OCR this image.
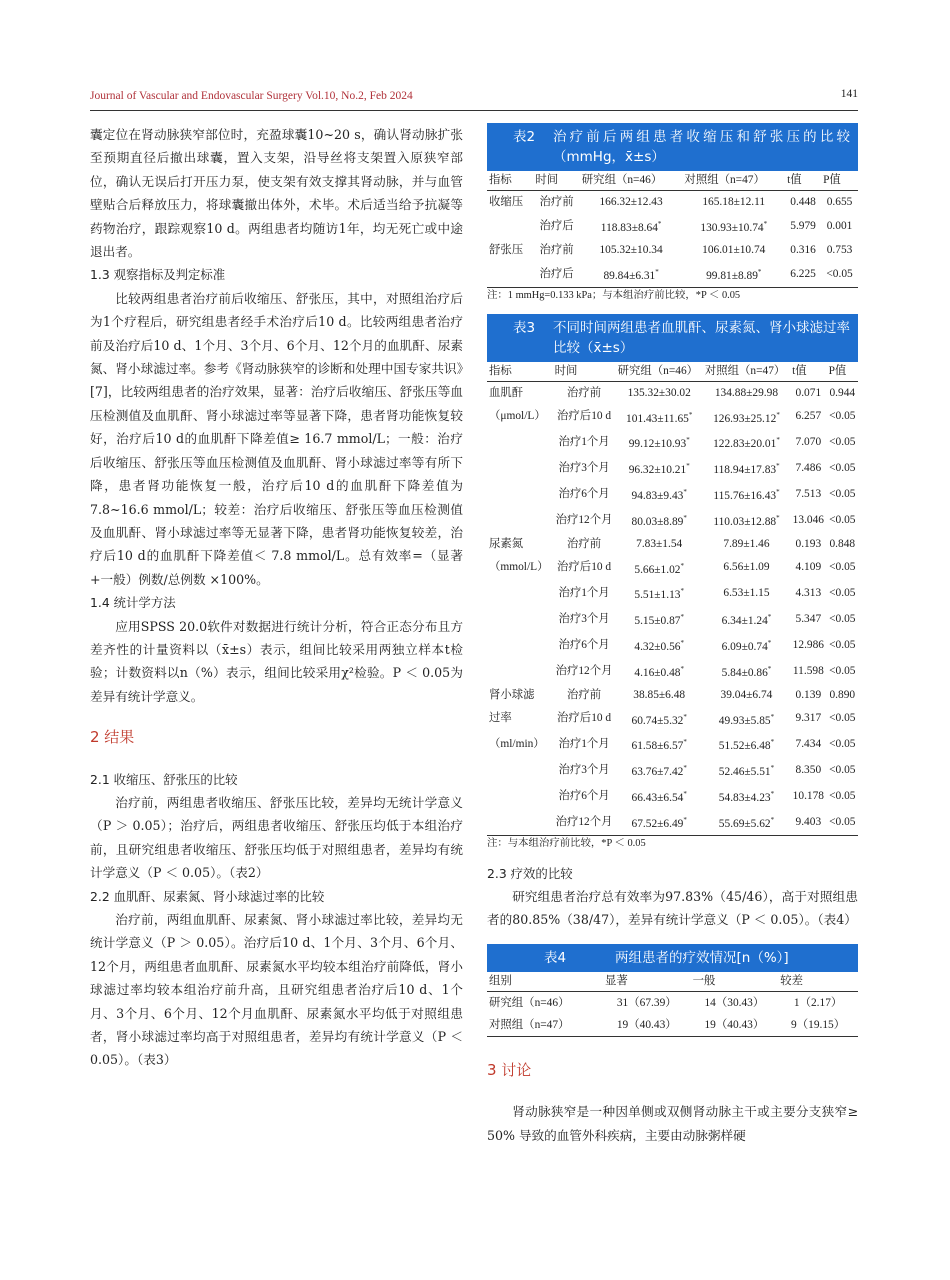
Journal of Vascular and Endovascular Surgery Vol.10, No.2, Feb 2024	141

囊定位在肾动脉狭窄部位时，充盈球囊10~20 s，确认肾动脉扩张至预期直径后撤出球囊，置入支架，沿导丝将支架置入原狭窄部位，确认无误后打开压力泵，使支架有效支撑其肾动脉，并与血管壁贴合后释放压力，将球囊撤出体外，术毕。术后适当给予抗凝等药物治疗，跟踪观察10 d。两组患者均随访1年，均无死亡或中途退出者。

1.3 观察指标及判定标准

比较两组患者治疗前后收缩压、舒张压，其中，对照组治疗后为1个疗程后，研究组患者经手术治疗后10 d。比较两组患者治疗前及治疗后10 d、1个月、3个月、6个月、12个月的血肌酐、尿素氮、肾小球滤过率。参考《肾动脉狭窄的诊断和处理中国专家共识》[7]，比较两组患者的治疗效果，显著：治疗后收缩压、舒张压等血压检测值及血肌酐、肾小球滤过率等显著下降，患者肾功能恢复较好，治疗后10 d的血肌酐下降差值≥ 16.7 mmol/L；一般：治疗后收缩压、舒张压等血压检测值及血肌酐、肾小球滤过率等有所下降，患者肾功能恢复一般，治疗后10 d的血肌酐下降差值为7.8~16.6 mmol/L；较差：治疗后收缩压、舒张压等血压检测值及血肌酐、肾小球滤过率等无显著下降，患者肾功能恢复较差，治疗后10 d的血肌酐下降差值＜ 7.8 mmol/L。总有效率=（显著+一般）例数/总例数 ×100%。

1.4 统计学方法

应用SPSS 20.0软件对数据进行统计分析，符合正态分布且方差齐性的计量资料以（x̄±s）表示，组间比较采用两独立样本t检验；计数资料以n（%）表示，组间比较采用χ²检验。P ＜ 0.05为差异有统计学意义。

2 结果

2.1 收缩压、舒张压的比较

治疗前，两组患者收缩压、舒张压比较，差异均无统计学意义（P ＞ 0.05）；治疗后，两组患者收缩压、舒张压均低于本组治疗前，且研究组患者收缩压、舒张压均低于对照组患者，差异均有统计学意义（P ＜ 0.05）。（表2）

2.2 血肌酐、尿素氮、肾小球滤过率的比较

治疗前，两组血肌酐、尿素氮、肾小球滤过率比较，差异均无统计学意义（P ＞ 0.05）。治疗后10 d、1个月、3个月、6个月、12个月，两组患者血肌酐、尿素氮水平均较本组治疗前降低，肾小球滤过率均较本组治疗前升高，且研究组患者治疗后10 d、1个月、3个月、6个月、12个月血肌酐、尿素氮水平均低于对照组患者，肾小球滤过率均高于对照组患者，差异均有统计学意义（P ＜ 0.05）。（表3）

表2	治疗前后两组患者收缩压和舒张压的比较（mmHg，x̄±s）
指标	时间	研究组（n=46）	对照组（n=47）	t值	P值
收缩压	治疗前	166.32±12.43	165.18±12.11	0.448	0.655
	治疗后	118.83±8.64*	130.93±10.74*	5.979	0.001
舒张压	治疗前	105.32±10.34	106.01±10.74	0.316	0.753
	治疗后	89.84±6.31*	99.81±8.89*	6.225	<0.05

注：1 mmHg=0.133 kPa；与本组治疗前比较，*P ＜ 0.05

表3	不同时间两组患者血肌酐、尿素氮、肾小球滤过率比较（x̄±s）
指标	时间	研究组（n=46）	对照组（n=47）	t值	P值
血肌酐	治疗前	135.32±30.02	134.88±29.98	0.071	0.944
（μmol/L）	治疗后10 d	101.43±11.65*	126.93±25.12*	6.257	<0.05
	治疗1个月	99.12±10.93*	122.83±20.01*	7.070	<0.05
	治疗3个月	96.32±10.21*	118.94±17.83*	7.486	<0.05
	治疗6个月	94.83±9.43*	115.76±16.43*	7.513	<0.05
	治疗12个月	80.03±8.89*	110.03±12.88*	13.046	<0.05
尿素氮	治疗前	7.83±1.54	7.89±1.46	0.193	0.848
（mmol/L）	治疗后10 d	5.66±1.02*	6.56±1.09	4.109	<0.05
	治疗1个月	5.51±1.13*	6.53±1.15	4.313	<0.05
	治疗3个月	5.15±0.87*	6.34±1.24*	5.347	<0.05
	治疗6个月	4.32±0.56*	6.09±0.74*	12.986	<0.05
	治疗12个月	4.16±0.48*	5.84±0.86*	11.598	<0.05
肾小球滤	治疗前	38.85±6.48	39.04±6.74	0.139	0.890
过率	治疗后10 d	60.74±5.32*	49.93±5.85*	9.317	<0.05
（ml/min）	治疗1个月	61.58±6.57*	51.52±6.48*	7.434	<0.05
	治疗3个月	63.76±7.42*	52.46±5.51*	8.350	<0.05
	治疗6个月	66.43±6.54*	54.83±4.23*	10.178	<0.05
	治疗12个月	67.52±6.49*	55.69±5.62*	9.403	<0.05

注：与本组治疗前比较，*P ＜ 0.05

2.3 疗效的比较

研究组患者治疗总有效率为97.83%（45/46），高于对照组患者的80.85%（38/47），差异有统计学意义（P ＜ 0.05）。（表4）

表4	两组患者的疗效情况[n（%）]
组别	显著	一般	较差
研究组（n=46）	31（67.39）	14（30.43）	1（2.17）
对照组（n=47）	19（40.43）	19（40.43）	9（19.15）

3 讨论

肾动脉狭窄是一种因单侧或双侧肾动脉主干或主要分支狭窄≥ 50% 导致的血管外科疾病，主要由动脉粥样硬
